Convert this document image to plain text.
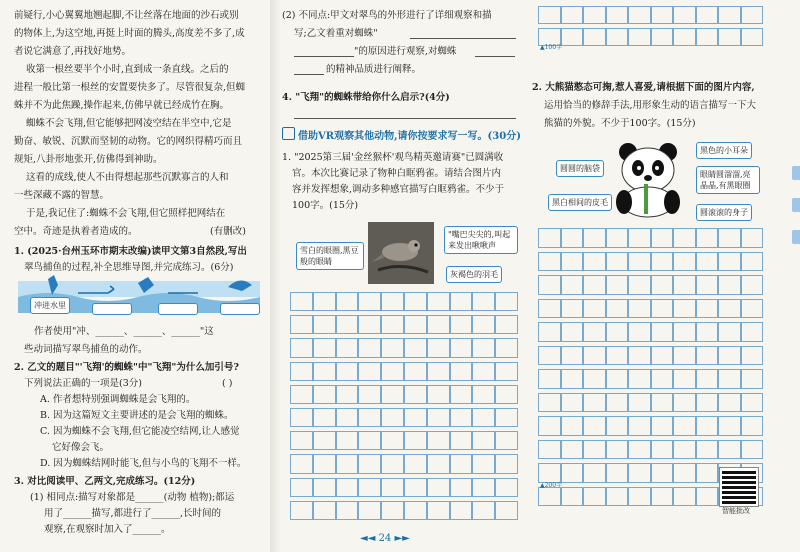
前疑行,小心翼翼地翘起脚,不让丝落在地面的沙石或别
的物体上,为这空地,再挺上时面的腾头,高度差不多了,成
者说它满意了,再找好地势。
收第一根丝要半个小时,直到成一条直线。之后的
进程一般比第一根丝的安置要快多了。尽管很复杂,但蜘
蛛并不为此焦躁,操作起来,仿佛早就已经成竹在胸。
蜘蛛不会飞翔,但它能够把网凌空结在半空中,它是
勤奋、敏锐、沉默而坚韧的动物。它的网织得精巧而且
规矩,八卦形地张开,仿佛得到神助。
这看的成线,使人不由得想起那些沉默寡言的人和
一些深藏不露的智慧。
于是,我记住了:蜘蛛不会飞翔,但它照样把网结在
空中。奇迹是执着者造成的。	(有删改)
1. (2025·台州玉环市期末改编)读甲文第3自然段,写出
翠鸟捕鱼的过程,补全思维导图,并完成练习。(6分)
冲进水里
作者使用"冲、______、______、______"这
些动词描写翠鸟捕鱼的动作。
2. 乙文的题目"'飞翔'的蜘蛛"中"飞翔"为什么加引号?
下列说法正确的一项是(3分)	( )
A. 作者想特别强调蜘蛛是会飞翔的。
B. 因为这篇短文主要讲述的是会飞翔的蜘蛛。
C. 因为蜘蛛不会飞翔,但它能凌空结网,让人感觉
它好像会飞。
D. 因为蜘蛛结网时能飞,但与小鸟的飞翔不一样。
3. 对比阅读甲、乙两文,完成练习。(12分)
(1) 相同点:描写对象都是______(动物 植物);都运
用了______描写,都进行了______,长时间的
观察,在观察时加入了______。
(2) 不同点:甲文对翠鸟的外形进行了详细观察和描
写;乙文着重对蜘蛛"
"的原因进行观察,对蜘蛛
的精神品质进行阐释。
4. "飞翔"的蜘蛛带给你什么启示?(4分)
借助VR观察其他动物,请你按要求写一写。(30分)
1. "2025第三届'金丝猴杯'观鸟精英邀请赛"已圆满收
官。本次比赛记录了物种白眶鸦雀。请结合图片内
容并发挥想象,调动多种感官描写白眶鸦雀。不少于
100字。(15分)
雪白的眼圈,黑豆般的眼睛
"嘴巴尖尖的,叫起来发出啾啾声
灰褐色的羽毛
▲100字
2. 大熊猫憨态可掬,惹人喜爱,请根据下面的图片内容,
运用恰当的修辞手法,用形象生动的语言描写一下大
熊猫的外貌。不少于100字。(15分)
黑色的小耳朵
圆圆的脑袋
眼睛圆溜溜,亮晶晶,有黑眼圈
黑白相间的皮毛
圆滚滚的身子
▲200字
智能批改
◄◄ 24 ►►
